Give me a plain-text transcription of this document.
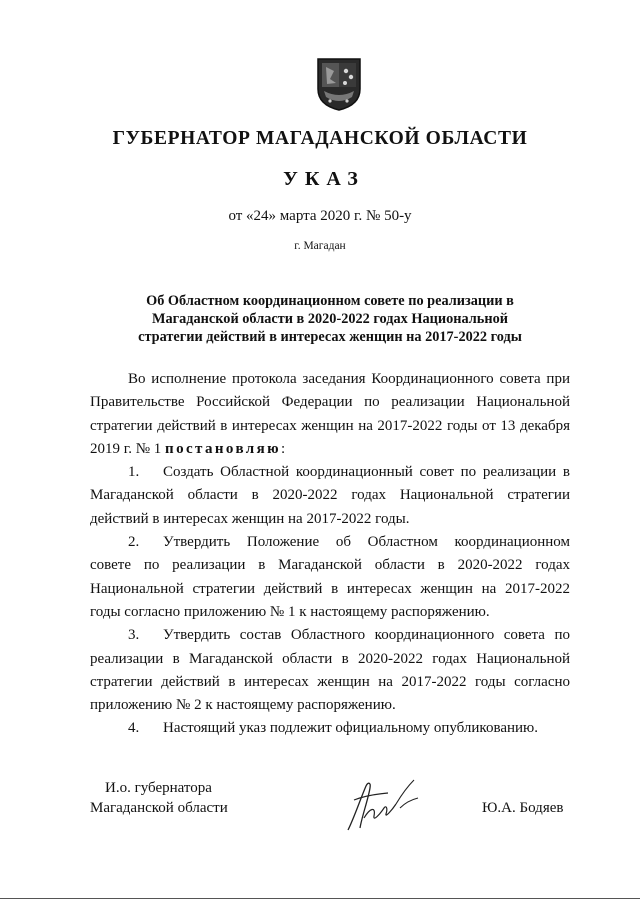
ГУБЕРНАТОР МАГАДАНСКОЙ ОБЛАСТИ
УКАЗ
от «24» марта 2020 г. № 50-у
г. Магадан
Об Областном координационном совете по реализации в
Магаданской области в 2020-2022 годах Национальной
стратегии действий в интересах женщин на 2017-2022 годы
Во исполнение протокола заседания Координационного совета при
Правительстве Российской Федерации по реализации Национальной
стратегии действий в интересах женщин на 2017-2022 годы от 13 декабря
2019 г. № 1 постановляю:
1. Создать Областной координационный совет по реализации в
Магаданской области в 2020-2022 годах Национальной стратегии
действий в интересах женщин на 2017-2022 годы.
2. Утвердить Положение об Областном координационном
совете по реализации в Магаданской области в 2020-2022 годах
Национальной стратегии действий в интересах женщин на 2017-2022
годы согласно приложению № 1 к настоящему распоряжению.
3. Утвердить состав Областного координационного совета по
реализации в Магаданской области в 2020-2022 годах Национальной
стратегии действий в интересах женщин на 2017-2022 годы согласно
приложению № 2 к настоящему распоряжению.
4. Настоящий указ подлежит официальному опубликованию.
И.о. губернатора
Магаданской области	Ю.А. Бодяев
